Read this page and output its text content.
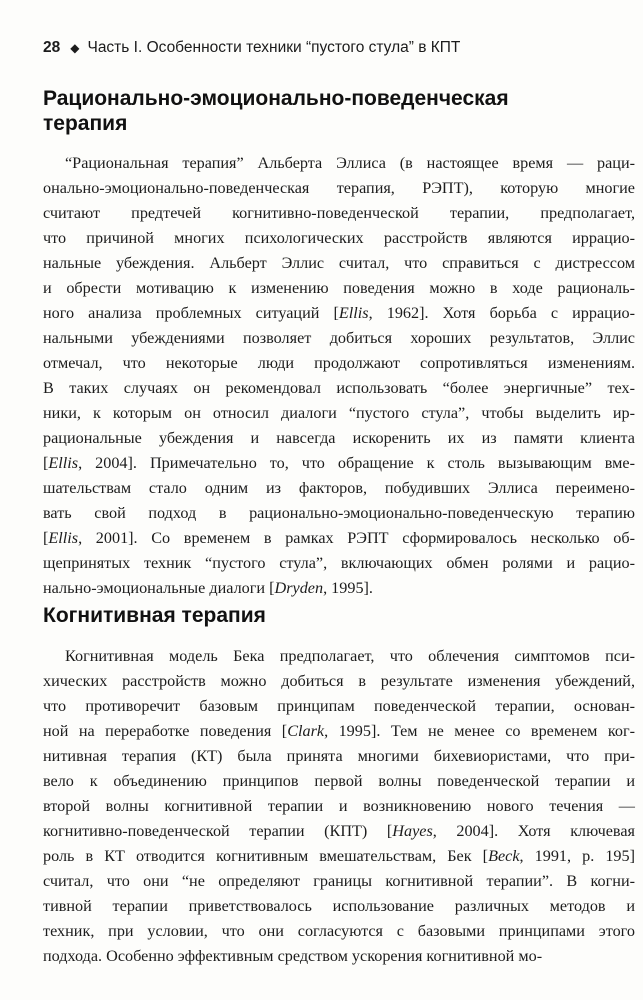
28 ◆ Часть I. Особенности техники “пустого стула” в КПТ
Рационально-эмоционально-поведенческая
терапия
“Рациональная терапия” Альберта Эллиса (в настоящее время — раци-
онально-эмоционально-поведенческая терапия, РЭПТ), которую многие
считают предтечей когнитивно-поведенческой терапии, предполагает,
что причиной многих психологических расстройств являются иррацио-
нальные убеждения. Альберт Эллис считал, что справиться с дистрессом
и обрести мотивацию к изменению поведения можно в ходе рациональ-
ного анализа проблемных ситуаций [Ellis, 1962]. Хотя борьба с иррацио-
нальными убеждениями позволяет добиться хороших результатов, Эллис
отмечал, что некоторые люди продолжают сопротивляться изменениям.
В таких случаях он рекомендовал использовать “более энергичные” тех-
ники, к которым он относил диалоги “пустого стула”, чтобы выделить ир-
рациональные убеждения и навсегда искоренить их из памяти клиента
[Ellis, 2004]. Примечательно то, что обращение к столь вызывающим вме-
шательствам стало одним из факторов, побудивших Эллиса переимено-
вать свой подход в рационально-эмоционально-поведенческую терапию
[Ellis, 2001]. Со временем в рамках РЭПТ сформировалось несколько об-
щепринятых техник “пустого стула”, включающих обмен ролями и рацио-
нально-эмоциональные диалоги [Dryden, 1995].
Когнитивная терапия
Когнитивная модель Бека предполагает, что облечения симптомов пси-
хических расстройств можно добиться в результате изменения убеждений,
что противоречит базовым принципам поведенческой терапии, основан-
ной на переработке поведения [Clark, 1995]. Тем не менее со временем ког-
нитивная терапия (КТ) была принята многими бихевиористами, что при-
вело к объединению принципов первой волны поведенческой терапии и
второй волны когнитивной терапии и возникновению нового течения —
когнитивно-поведенческой терапии (КПТ) [Hayes, 2004]. Хотя ключевая
роль в КТ отводится когнитивным вмешательствам, Бек [Beck, 1991, p. 195]
считал, что они “не определяют границы когнитивной терапии”. В когни-
тивной терапии приветствовалось использование различных методов и
техник, при условии, что они согласуются с базовыми принципами этого
подхода. Особенно эффективным средством ускорения когнитивной мо-
